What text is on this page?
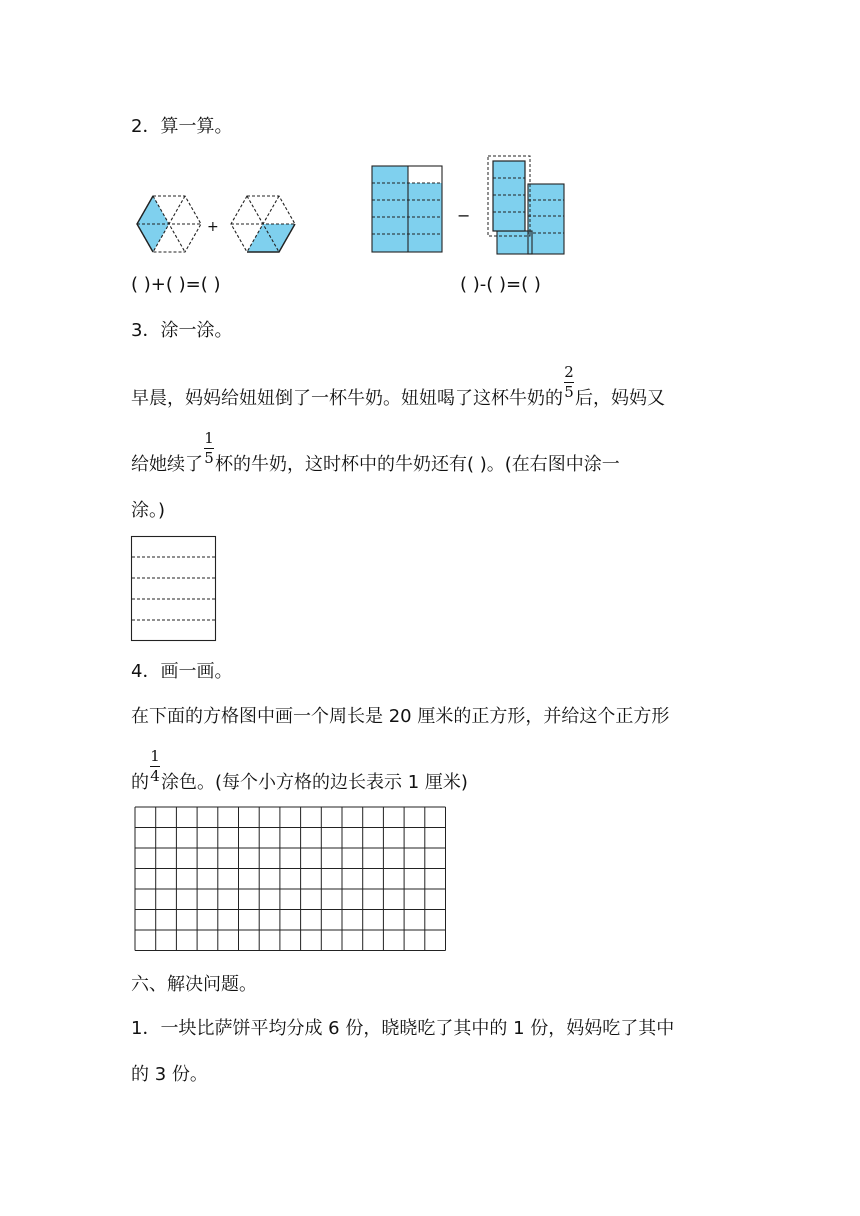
2．算一算。
+
−
( )+( )=( )	( )-( )=( )
3．涂一涂。
早晨，妈妈给妞妞倒了一杯牛奶。妞妞喝了这杯牛奶的 $\frac{2}{5}$ 后，妈妈又
给她续了 $\frac{1}{5}$ 杯的牛奶，这时杯中的牛奶还有( )。(在右图中涂一
涂。)
4．画一画。
在下面的方格图中画一个周长是 20 厘米的正方形，并给这个正方形
的 $\frac{1}{4}$ 涂色。(每个小方格的边长表示 1 厘米)
六、解决问题。
1．一块比萨饼平均分成 6 份，晓晓吃了其中的 1 份，妈妈吃了其中
的 3 份。
